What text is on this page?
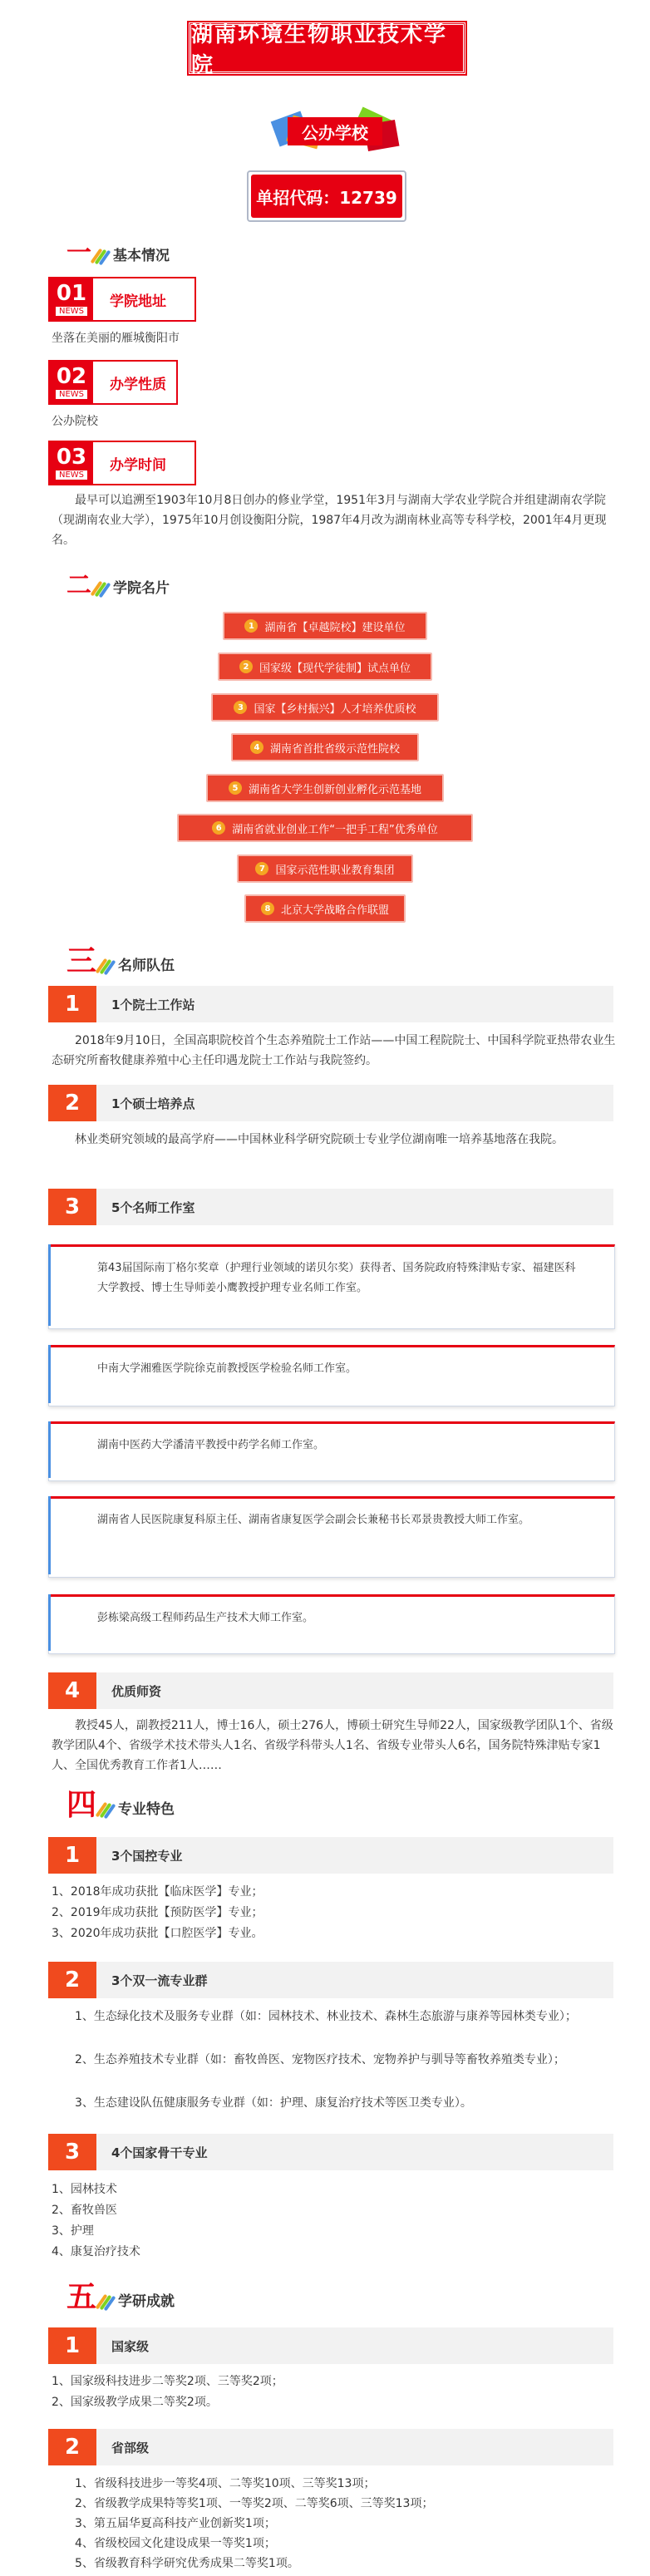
湖南环境生物职业技术学院
公办学校
单招代码：12739
一 基本情况
01
NEWS
学院地址
坐落在美丽的雁城衡阳市
02
NEWS
办学性质
公办院校
03
NEWS
办学时间
最早可以追溯至1903年10月8日创办的修业学堂，1951年3月与湖南大学农业学院合并组建湖南农学院（现湖南农业大学），1975年10月创设衡阳分院，1987年4月改为湖南林业高等专科学校，2001年4月更现名。
二 学院名片
1 湖南省【卓越院校】建设单位
2 国家级【现代学徒制】试点单位
3 国家【乡村振兴】人才培养优质校
4 湖南省首批省级示范性院校
5 湖南省大学生创新创业孵化示范基地
6 湖南省就业创业工作“一把手工程”优秀单位
7 国家示范性职业教育集团
8 北京大学战略合作联盟
三 名师队伍
1	1个院士工作站
2018年9月10日，全国高职院校首个生态养殖院士工作站——中国工程院院士、中国科学院亚热带农业生态研究所畜牧健康养殖中心主任印遇龙院士工作站与我院签约。
2	1个硕士培养点
林业类研究领域的最高学府——中国林业科学研究院硕士专业学位湖南唯一培养基地落在我院。
3	5个名师工作室
第43届国际南丁格尔奖章（护理行业领域的诺贝尔奖）获得者、国务院政府特殊津贴专家、福建医科大学教授、博士生导师姜小鹰教授护理专业名师工作室。
中南大学湘雅医学院徐克前教授医学检验名师工作室。
湖南中医药大学潘清平教授中药学名师工作室。
湖南省人民医院康复科原主任、湖南省康复医学会副会长兼秘书长邓景贵教授大师工作室。
彭栋梁高级工程师药品生产技术大师工作室。
4	优质师资
教授45人，副教授211人，博士16人，硕士276人，博硕士研究生导师22人，国家级教学团队1个、省级教学团队4个、省级学术技术带头人1名、省级学科带头人1名、省级专业带头人6名，国务院特殊津贴专家1人、全国优秀教育工作者1人……
四 专业特色
1	3个国控专业
1、2018年成功获批【临床医学】专业；
2、2019年成功获批【预防医学】专业；
3、2020年成功获批【口腔医学】专业。
2	3个双一流专业群
1、生态绿化技术及服务专业群（如：园林技术、林业技术、森林生态旅游与康养等园林类专业）；
2、生态养殖技术专业群（如：畜牧兽医、宠物医疗技术、宠物养护与驯导等畜牧养殖类专业）；
3、生态建设队伍健康服务专业群（如：护理、康复治疗技术等医卫类专业）。
3	4个国家骨干专业
1、园林技术
2、畜牧兽医
3、护理
4、康复治疗技术
五 学研成就
1	国家级
1、国家级科技进步二等奖2项、三等奖2项；
2、国家级教学成果二等奖2项。
2	省部级
1、省级科技进步一等奖4项、二等奖10项、三等奖13项；
2、省级教学成果特等奖1项、一等奖2项、二等奖6项、三等奖13项；
3、第五届华夏高科技产业创新奖1项；
4、省级校园文化建设成果一等奖1项；
5、省级教育科学研究优秀成果二等奖1项。
